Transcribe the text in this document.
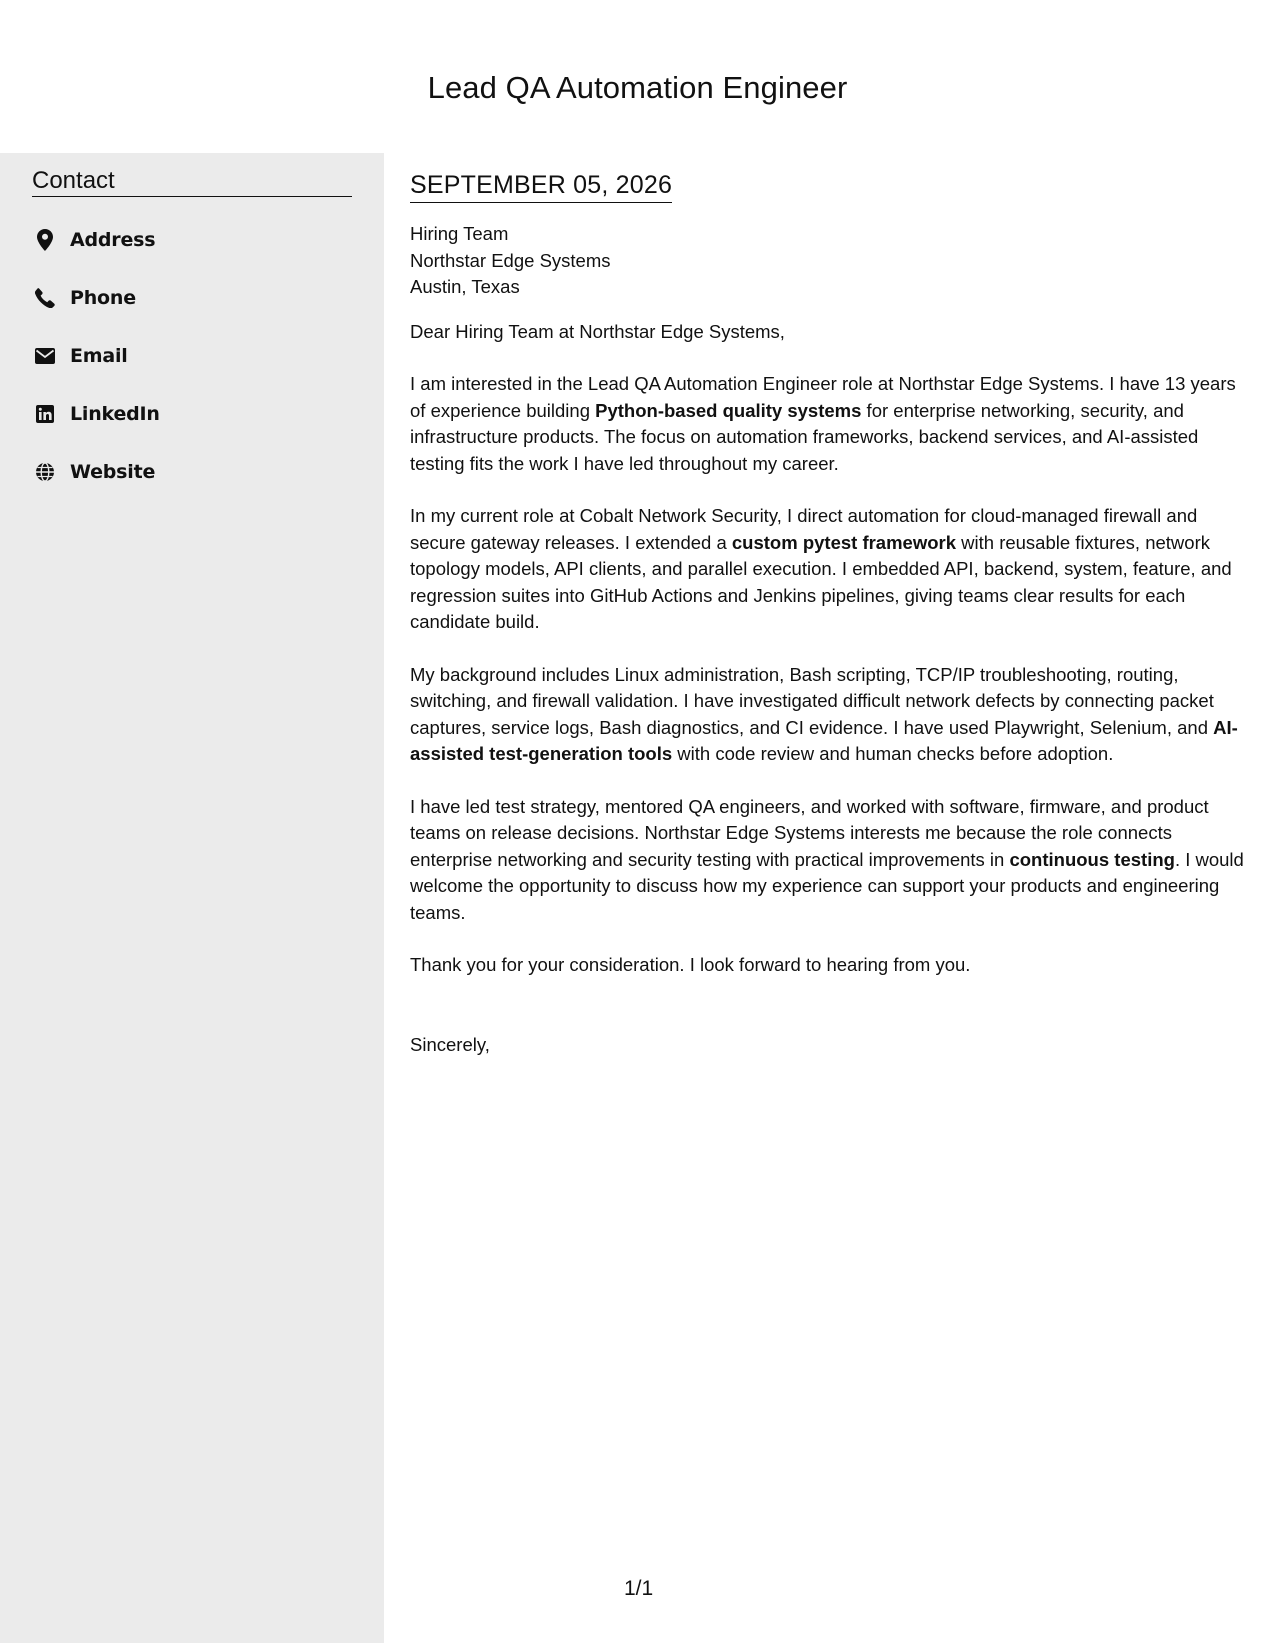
Lead QA Automation Engineer
Contact
Address
Phone
Email
LinkedIn
Website
SEPTEMBER 05, 2026
Hiring Team
Northstar Edge Systems
Austin, Texas
Dear Hiring Team at Northstar Edge Systems,

I am interested in the Lead QA Automation Engineer role at Northstar Edge Systems. I have 13 years of experience building Python-based quality systems for enterprise networking, security, and infrastructure products. The focus on automation frameworks, backend services, and AI-assisted testing fits the work I have led throughout my career.

In my current role at Cobalt Network Security, I direct automation for cloud-managed firewall and secure gateway releases. I extended a custom pytest framework with reusable fixtures, network topology models, API clients, and parallel execution. I embedded API, backend, system, feature, and regression suites into GitHub Actions and Jenkins pipelines, giving teams clear results for each candidate build.

My background includes Linux administration, Bash scripting, TCP/IP troubleshooting, routing, switching, and firewall validation. I have investigated difficult network defects by connecting packet captures, service logs, Bash diagnostics, and CI evidence. I have used Playwright, Selenium, and AI-assisted test-generation tools with code review and human checks before adoption.

I have led test strategy, mentored QA engineers, and worked with software, firmware, and product teams on release decisions. Northstar Edge Systems interests me because the role connects enterprise networking and security testing with practical improvements in continuous testing. I would welcome the opportunity to discuss how my experience can support your products and engineering teams.

Thank you for your consideration. I look forward to hearing from you.

Sincerely,
1/1
